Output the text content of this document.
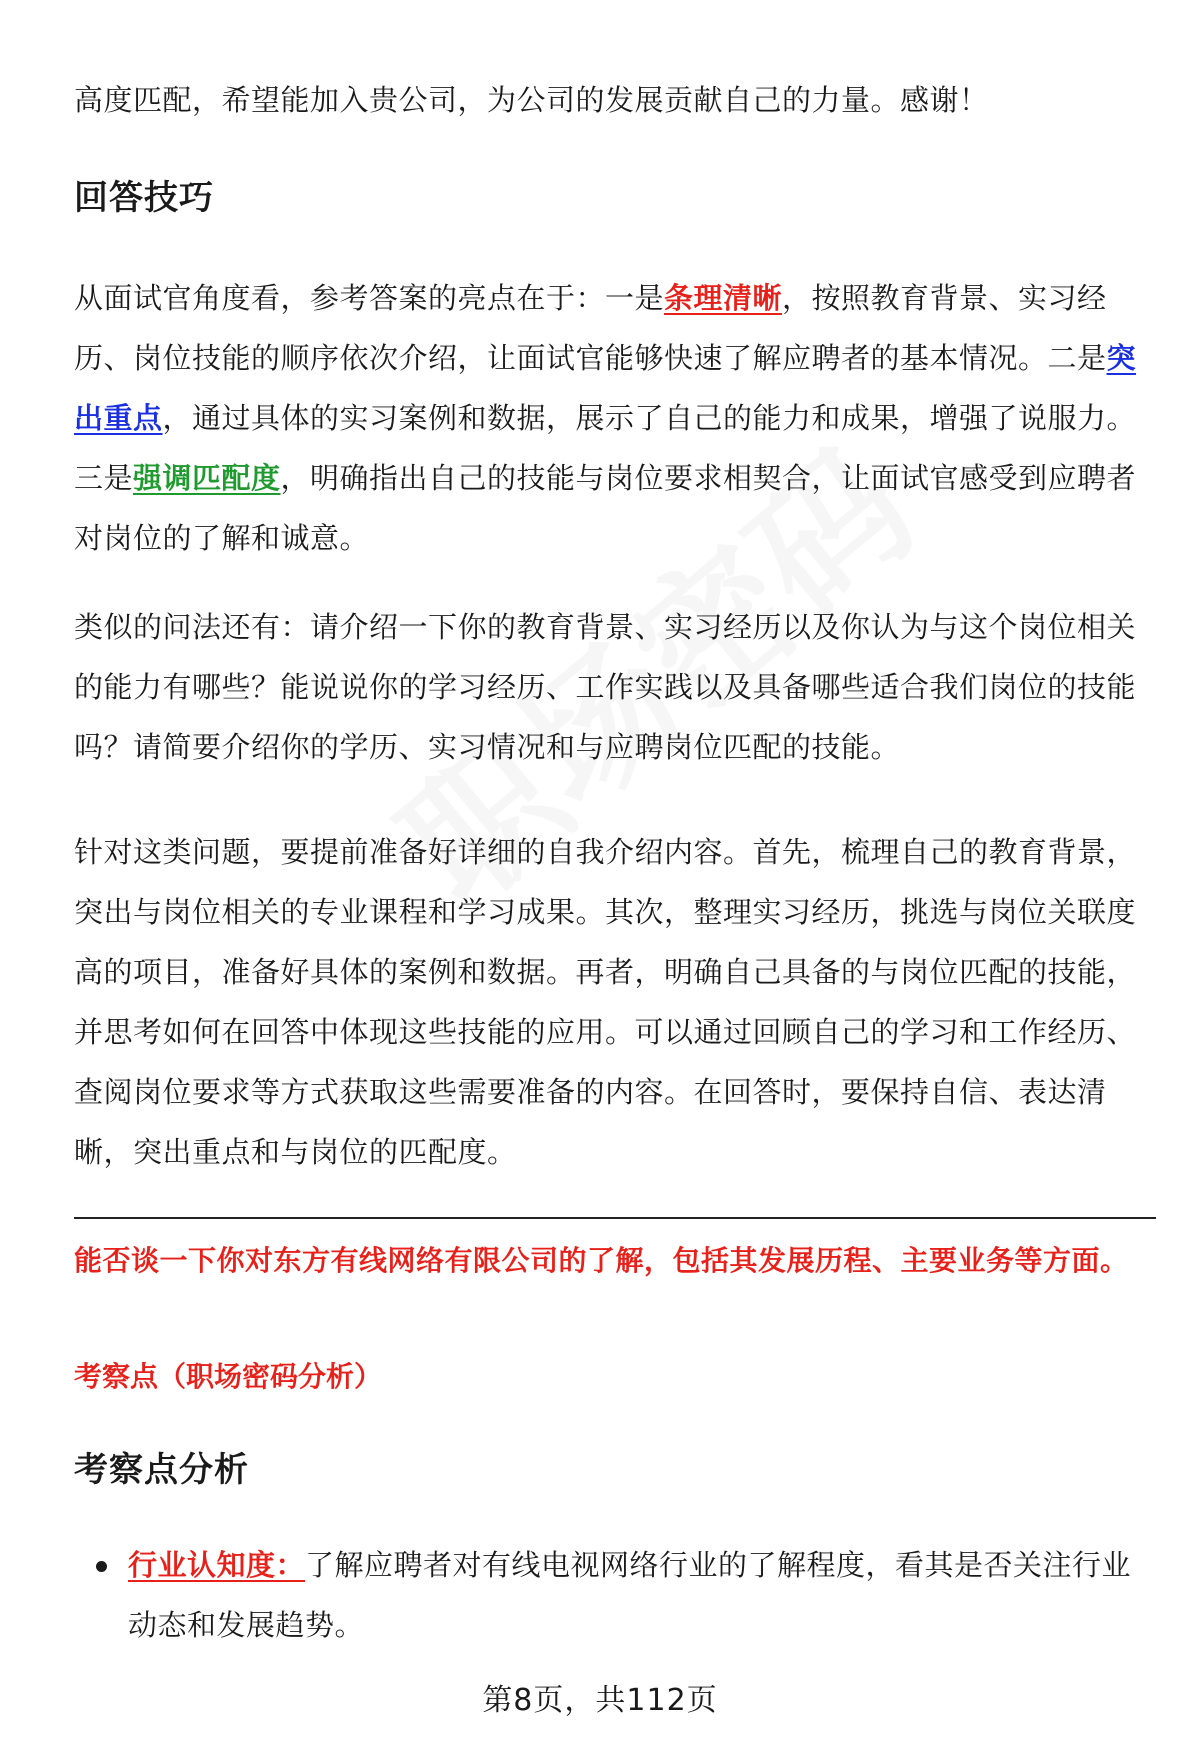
高度匹配，希望能加入贵公司，为公司的发展贡献自己的力量。感谢！

回答技巧

从面试官角度看，参考答案的亮点在于：一是条理清晰，按照教育背景、实习经历、岗位技能的顺序依次介绍，让面试官能够快速了解应聘者的基本情况。二是突出重点，通过具体的实习案例和数据，展示了自己的能力和成果，增强了说服力。三是强调匹配度，明确指出自己的技能与岗位要求相契合，让面试官感受到应聘者对岗位的了解和诚意。

类似的问法还有：请介绍一下你的教育背景、实习经历以及你认为与这个岗位相关的能力有哪些？能说说你的学习经历、工作实践以及具备哪些适合我们岗位的技能吗？请简要介绍你的学历、实习情况和与应聘岗位匹配的技能。

针对这类问题，要提前准备好详细的自我介绍内容。首先，梳理自己的教育背景，突出与岗位相关的专业课程和学习成果。其次，整理实习经历，挑选与岗位关联度高的项目，准备好具体的案例和数据。再者，明确自己具备的与岗位匹配的技能，并思考如何在回答中体现这些技能的应用。可以通过回顾自己的学习和工作经历、查阅岗位要求等方式获取这些需要准备的内容。在回答时，要保持自信、表达清晰，突出重点和与岗位的匹配度。

能否谈一下你对东方有线网络有限公司的了解，包括其发展历程、主要业务等方面。

考察点（职场密码分析）

考察点分析

行业认知度：了解应聘者对有线电视网络行业的了解程度，看其是否关注行业动态和发展趋势。

第8页，共112页
